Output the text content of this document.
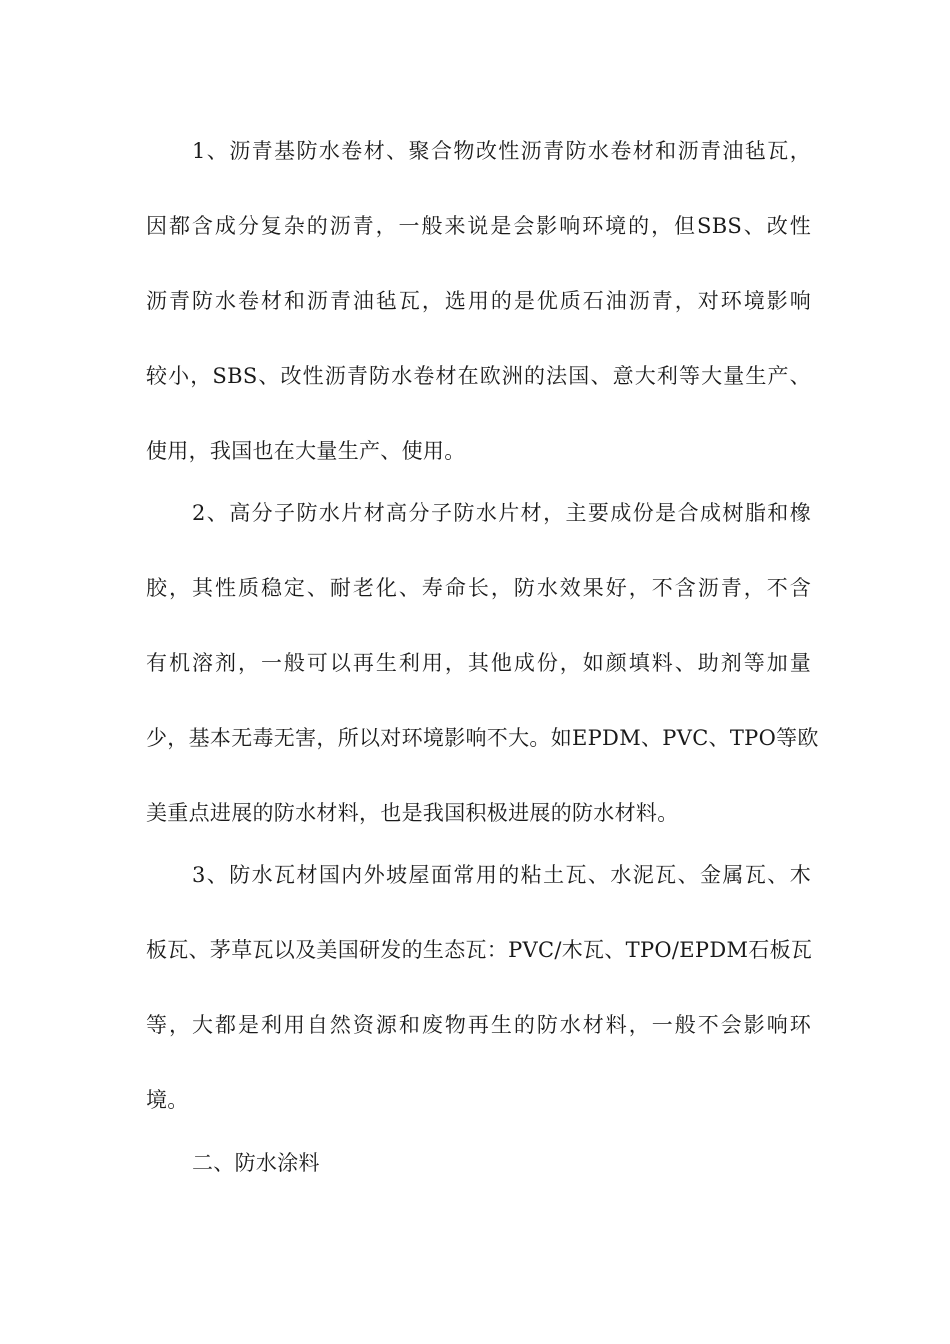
1、沥青基防水卷材、聚合物改性沥青防水卷材和沥青油毡瓦，
因都含成分复杂的沥青，一般来说是会影响环境的，但SBS、改性
沥青防水卷材和沥青油毡瓦，选用的是优质石油沥青，对环境影响
较小，SBS、改性沥青防水卷材在欧洲的法国、意大利等大量生产、
使用，我国也在大量生产、使用。
2、高分子防水片材高分子防水片材，主要成份是合成树脂和橡
胶，其性质稳定、耐老化、寿命长，防水效果好，不含沥青，不含
有机溶剂，一般可以再生利用，其他成份，如颜填料、助剂等加量
少，基本无毒无害，所以对环境影响不大。如EPDM、PVC、TPO等欧
美重点进展的防水材料，也是我国积极进展的防水材料。
3、防水瓦材国内外坡屋面常用的粘土瓦、水泥瓦、金属瓦、木
板瓦、茅草瓦以及美国研发的生态瓦：PVC/木瓦、TPO/EPDM石板瓦
等，大都是利用自然资源和废物再生的防水材料，一般不会影响环
境。
二、防水涂料
